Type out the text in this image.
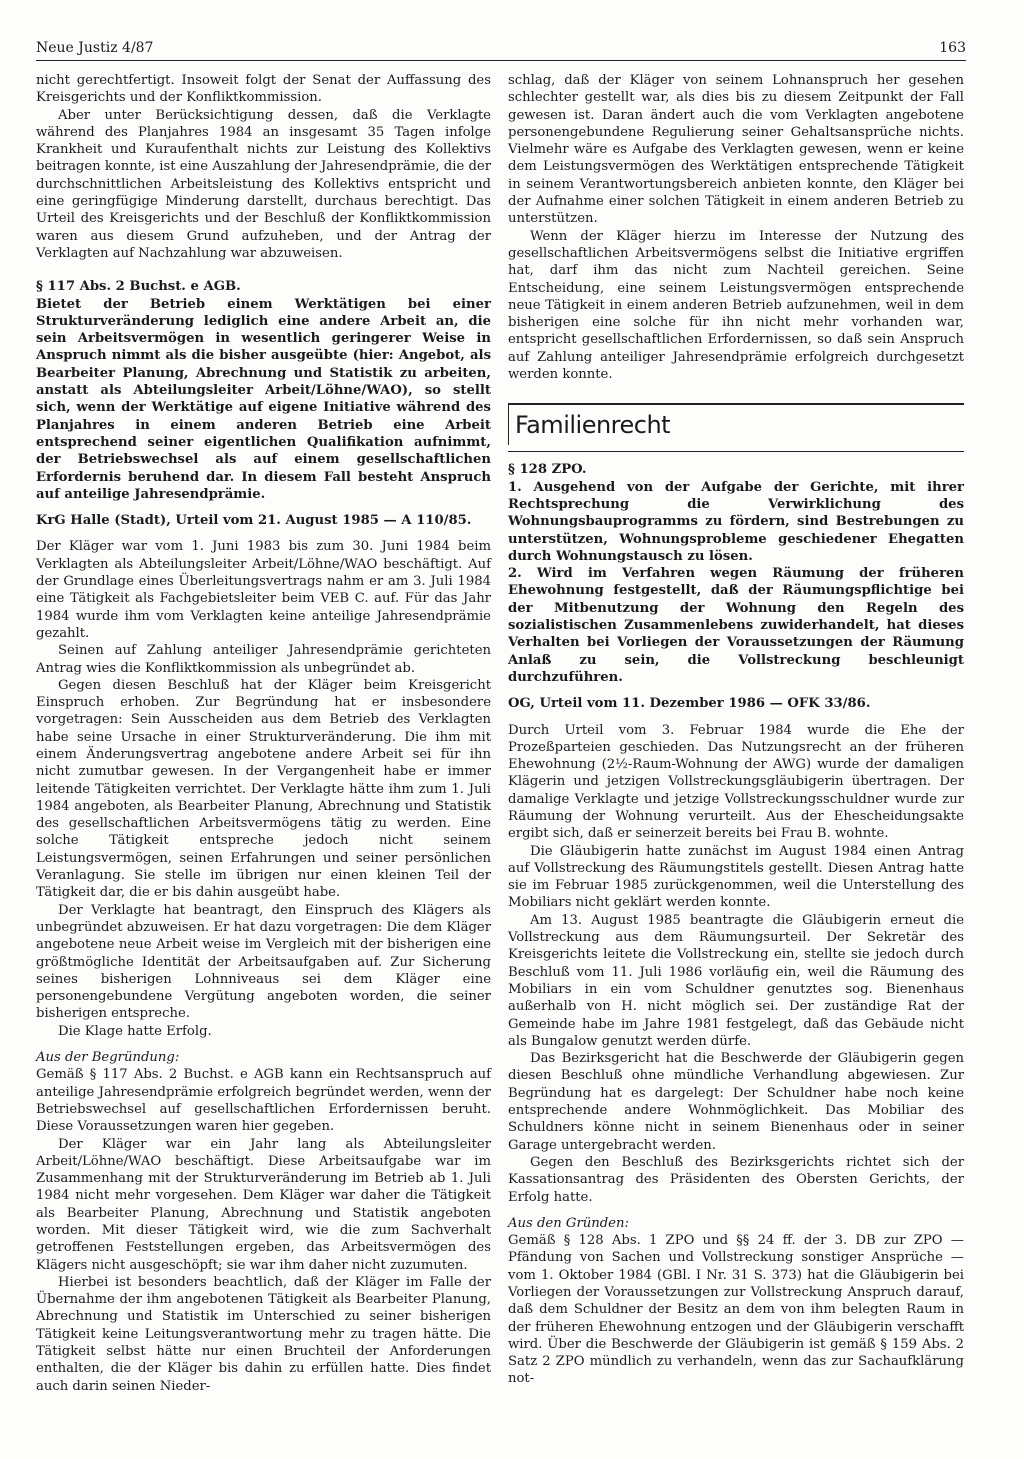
Neue Justiz 4/87	163

nicht gerechtfertigt. Insoweit folgt der Senat der Auffassung des Kreisgerichts und der Konfliktkommission.

Aber unter Berücksichtigung dessen, daß die Verklagte während des Planjahres 1984 an insgesamt 35 Tagen infolge Krankheit und Kuraufenthalt nichts zur Leistung des Kollektivs beitragen konnte, ist eine Auszahlung der Jahresendprämie, die der durchschnittlichen Arbeitsleistung des Kollektivs entspricht und eine geringfügige Minderung darstellt, durchaus berechtigt. Das Urteil des Kreisgerichts und der Beschluß der Konfliktkommission waren aus diesem Grund aufzuheben, und der Antrag der Verklagten auf Nachzahlung war abzuweisen.

§ 117 Abs. 2 Buchst. e AGB.

Bietet der Betrieb einem Werktätigen bei einer Strukturveränderung lediglich eine andere Arbeit an, die sein Arbeitsvermögen in wesentlich geringerer Weise in Anspruch nimmt als die bisher ausgeübte (hier: Angebot, als Bearbeiter Planung, Abrechnung und Statistik zu arbeiten, anstatt als Abteilungsleiter Arbeit/Löhne/WAO), so stellt sich, wenn der Werktätige auf eigene Initiative während des Planjahres in einem anderen Betrieb eine Arbeit entsprechend seiner eigentlichen Qualifikation aufnimmt, der Betriebswechsel als auf einem gesellschaftlichen Erfordernis beruhend dar. In diesem Fall besteht Anspruch auf anteilige Jahresendprämie.

KrG Halle (Stadt), Urteil vom 21. August 1985 — A 110/85.

Der Kläger war vom 1. Juni 1983 bis zum 30. Juni 1984 beim Verklagten als Abteilungsleiter Arbeit/Löhne/WAO beschäftigt. Auf der Grundlage eines Überleitungsvertrags nahm er am 3. Juli 1984 eine Tätigkeit als Fachgebietsleiter beim VEB C. auf. Für das Jahr 1984 wurde ihm vom Verklagten keine anteilige Jahresendprämie gezahlt.

Seinen auf Zahlung anteiliger Jahresendprämie gerichteten Antrag wies die Konfliktkommission als unbegründet ab.

Gegen diesen Beschluß hat der Kläger beim Kreisgericht Einspruch erhoben. Zur Begründung hat er insbesondere vorgetragen: Sein Ausscheiden aus dem Betrieb des Verklagten habe seine Ursache in einer Strukturveränderung. Die ihm mit einem Änderungsvertrag angebotene andere Arbeit sei für ihn nicht zumutbar gewesen. In der Vergangenheit habe er immer leitende Tätigkeiten verrichtet. Der Verklagte hätte ihm zum 1. Juli 1984 angeboten, als Bearbeiter Planung, Abrechnung und Statistik des gesellschaftlichen Arbeitsvermögens tätig zu werden. Eine solche Tätigkeit entspreche jedoch nicht seinem Leistungsvermögen, seinen Erfahrungen und seiner persönlichen Veranlagung. Sie stelle im übrigen nur einen kleinen Teil der Tätigkeit dar, die er bis dahin ausgeübt habe.

Der Verklagte hat beantragt, den Einspruch des Klägers als unbegründet abzuweisen. Er hat dazu vorgetragen: Die dem Kläger angebotene neue Arbeit weise im Vergleich mit der bisherigen eine größtmögliche Identität der Arbeitsaufgaben auf. Zur Sicherung seines bisherigen Lohnniveaus sei dem Kläger eine personengebundene Vergütung angeboten worden, die seiner bisherigen entspreche.

Die Klage hatte Erfolg.

Aus der Begründung:

Gemäß § 117 Abs. 2 Buchst. e AGB kann ein Rechtsanspruch auf anteilige Jahresendprämie erfolgreich begründet werden, wenn der Betriebswechsel auf gesellschaftlichen Erfordernissen beruht. Diese Voraussetzungen waren hier gegeben.

Der Kläger war ein Jahr lang als Abteilungsleiter Arbeit/Löhne/WAO beschäftigt. Diese Arbeitsaufgabe war im Zusammenhang mit der Strukturveränderung im Betrieb ab 1. Juli 1984 nicht mehr vorgesehen. Dem Kläger war daher die Tätigkeit als Bearbeiter Planung, Abrechnung und Statistik angeboten worden. Mit dieser Tätigkeit wird, wie die zum Sachverhalt getroffenen Feststellungen ergeben, das Arbeitsvermögen des Klägers nicht ausgeschöpft; sie war ihm daher nicht zuzumuten.

Hierbei ist besonders beachtlich, daß der Kläger im Falle der Übernahme der ihm angebotenen Tätigkeit als Bearbeiter Planung, Abrechnung und Statistik im Unterschied zu seiner bisherigen Tätigkeit keine Leitungsverantwortung mehr zu tragen hätte. Die Tätigkeit selbst hätte nur einen Bruchteil der Anforderungen enthalten, die der Kläger bis dahin zu erfüllen hatte. Dies findet auch darin seinen Nieder-

schlag, daß der Kläger von seinem Lohnanspruch her gesehen schlechter gestellt war, als dies bis zu diesem Zeitpunkt der Fall gewesen ist. Daran ändert auch die vom Verklagten angebotene personengebundene Regulierung seiner Gehaltsansprüche nichts. Vielmehr wäre es Aufgabe des Verklagten gewesen, wenn er keine dem Leistungsvermögen des Werktätigen entsprechende Tätigkeit in seinem Verantwortungsbereich anbieten konnte, den Kläger bei der Aufnahme einer solchen Tätigkeit in einem anderen Betrieb zu unterstützen.

Wenn der Kläger hierzu im Interesse der Nutzung des gesellschaftlichen Arbeitsvermögens selbst die Initiative ergriffen hat, darf ihm das nicht zum Nachteil gereichen. Seine Entscheidung, eine seinem Leistungsvermögen entsprechende neue Tätigkeit in einem anderen Betrieb aufzunehmen, weil in dem bisherigen eine solche für ihn nicht mehr vorhanden war, entspricht gesellschaftlichen Erfordernissen, so daß sein Anspruch auf Zahlung anteiliger Jahresendprämie erfolgreich durchgesetzt werden konnte.

Familienrecht

§ 128 ZPO.

1. Ausgehend von der Aufgabe der Gerichte, mit ihrer Rechtsprechung die Verwirklichung des Wohnungsbauprogramms zu fördern, sind Bestrebungen zu unterstützen, Wohnungsprobleme geschiedener Ehegatten durch Wohnungstausch zu lösen.

2. Wird im Verfahren wegen Räumung der früheren Ehewohnung festgestellt, daß der Räumungspflichtige bei der Mitbenutzung der Wohnung den Regeln des sozialistischen Zusammenlebens zuwiderhandelt, hat dieses Verhalten bei Vorliegen der Voraussetzungen der Räumung Anlaß zu sein, die Vollstreckung beschleunigt durchzuführen.

OG, Urteil vom 11. Dezember 1986 — OFK 33/86.

Durch Urteil vom 3. Februar 1984 wurde die Ehe der Prozeßparteien geschieden. Das Nutzungsrecht an der früheren Ehewohnung (2½-Raum-Wohnung der AWG) wurde der damaligen Klägerin und jetzigen Vollstreckungsgläubigerin übertragen. Der damalige Verklagte und jetzige Vollstreckungsschuldner wurde zur Räumung der Wohnung verurteilt. Aus der Ehescheidungsakte ergibt sich, daß er seinerzeit bereits bei Frau B. wohnte.

Die Gläubigerin hatte zunächst im August 1984 einen Antrag auf Vollstreckung des Räumungstitels gestellt. Diesen Antrag hatte sie im Februar 1985 zurückgenommen, weil die Unterstellung des Mobiliars nicht geklärt werden konnte.

Am 13. August 1985 beantragte die Gläubigerin erneut die Vollstreckung aus dem Räumungsurteil. Der Sekretär des Kreisgerichts leitete die Vollstreckung ein, stellte sie jedoch durch Beschluß vom 11. Juli 1986 vorläufig ein, weil die Räumung des Mobiliars in ein vom Schuldner genutztes sog. Bienenhaus außerhalb von H. nicht möglich sei. Der zuständige Rat der Gemeinde habe im Jahre 1981 festgelegt, daß das Gebäude nicht als Bungalow genutzt werden dürfe.

Das Bezirksgericht hat die Beschwerde der Gläubigerin gegen diesen Beschluß ohne mündliche Verhandlung abgewiesen. Zur Begründung hat es dargelegt: Der Schuldner habe noch keine entsprechende andere Wohnmöglichkeit. Das Mobiliar des Schuldners könne nicht in seinem Bienenhaus oder in seiner Garage untergebracht werden.

Gegen den Beschluß des Bezirksgerichts richtet sich der Kassationsantrag des Präsidenten des Obersten Gerichts, der Erfolg hatte.

Aus den Gründen:

Gemäß § 128 Abs. 1 ZPO und §§ 24 ff. der 3. DB zur ZPO — Pfändung von Sachen und Vollstreckung sonstiger Ansprüche — vom 1. Oktober 1984 (GBl. I Nr. 31 S. 373) hat die Gläubigerin bei Vorliegen der Voraussetzungen zur Vollstreckung Anspruch darauf, daß dem Schuldner der Besitz an dem von ihm belegten Raum in der früheren Ehewohnung entzogen und der Gläubigerin verschafft wird. Über die Beschwerde der Gläubigerin ist gemäß § 159 Abs. 2 Satz 2 ZPO mündlich zu verhandeln, wenn das zur Sachaufklärung not-
